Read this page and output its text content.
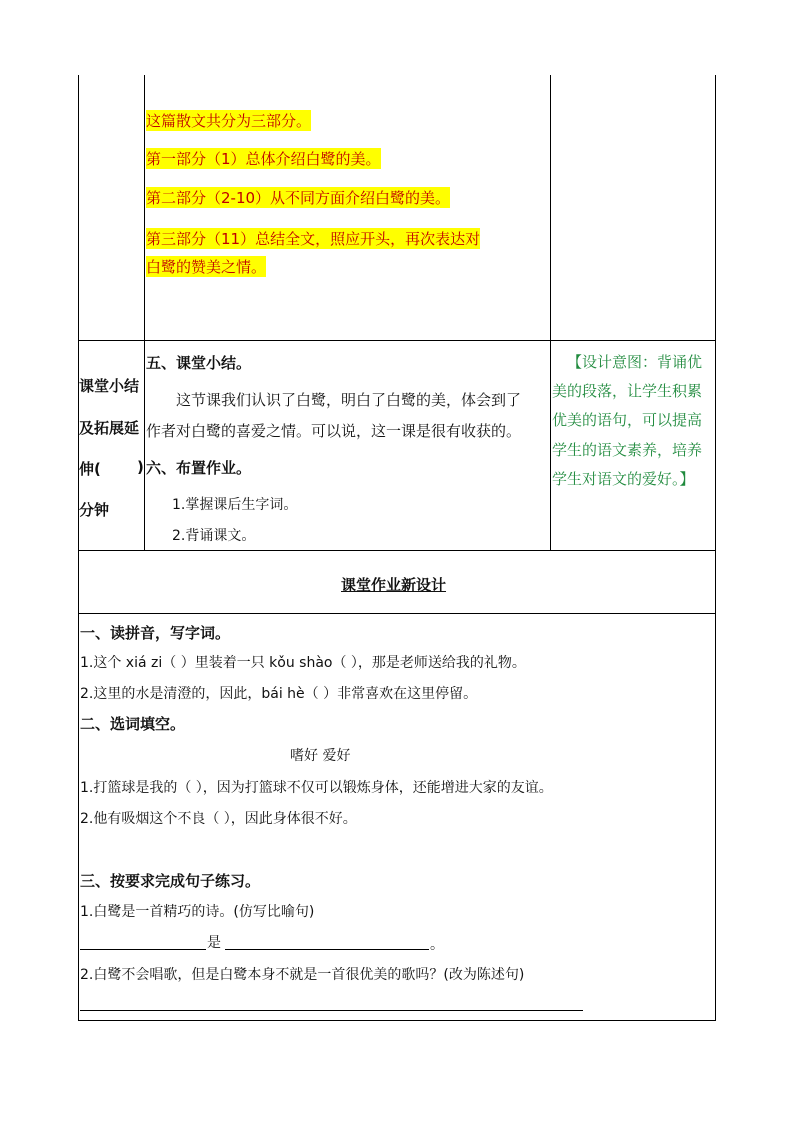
这篇散文共分为三部分。
第一部分（1）总体介绍白鹭的美。
第二部分（2-10）从不同方面介绍白鹭的美。
第三部分（11）总结全文，照应开头，再次表达对
白鹭的赞美之情。
课堂小结
及拓展延
伸( )
分钟
五、课堂小结。
这节课我们认识了白鹭，明白了白鹭的美，体会到了
作者对白鹭的喜爱之情。可以说，这一课是很有收获的。
六、布置作业。
1.掌握课后生字词。
2.背诵课文。
【设计意图：背诵优
美的段落，让学生积累
优美的语句，可以提高
学生的语文素养，培养
学生对语文的爱好。】
课堂作业新设计
一、读拼音，写字词。
1.这个 xiá zi（ ）里装着一只 kǒu shào（ ），那是老师送给我的礼物。
2.这里的水是清澄的，因此，bái hè（ ）非常喜欢在这里停留。
二、选词填空。
嗜好 爱好
1.打篮球是我的（ ），因为打篮球不仅可以锻炼身体，还能增进大家的友谊。
2.他有吸烟这个不良（ ），因此身体很不好。
三、按要求完成句子练习。
1.白鹭是一首精巧的诗。(仿写比喻句)
是	。
2.白鹭不会唱歌，但是白鹭本身不就是一首很优美的歌吗？(改为陈述句)
